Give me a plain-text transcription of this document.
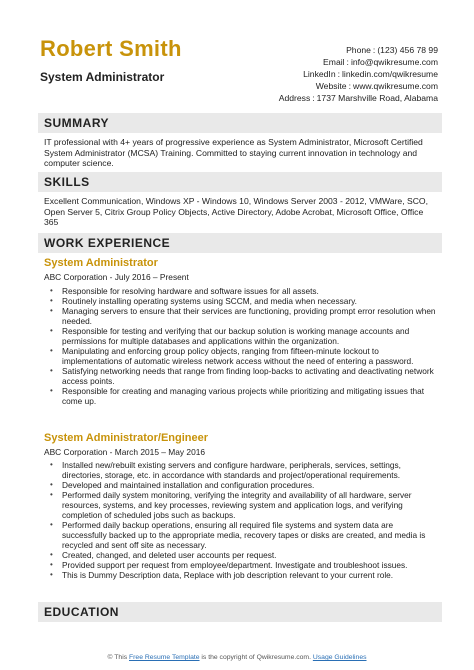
Robert Smith
System Administrator
Phone : (123) 456 78 99
Email : info@qwikresume.com
LinkedIn : linkedin.com/qwikresume
Website : www.qwikresume.com
Address : 1737 Marshville Road, Alabama
SUMMARY
IT professional with 4+ years of progressive experience as System Administrator, Microsoft Certified System Administrator (MCSA) Training. Committed to staying current innovation in technology and computer science.
SKILLS
Excellent Communication, Windows XP - Windows 10, Windows Server 2003 - 2012, VMWare, SCO, Open Server 5, Citrix Group Policy Objects, Active Directory, Adobe Acrobat, Microsoft Office, Office 365
WORK EXPERIENCE
System Administrator
ABC Corporation - July 2016 – Present
• Responsible for resolving hardware and software issues for all assets.
• Routinely installing operating systems using SCCM, and media when necessary.
• Managing servers to ensure that their services are functioning, providing prompt error resolution when needed.
• Responsible for testing and verifying that our backup solution is working manage accounts and permissions for multiple databases and applications within the organization.
• Manipulating and enforcing group policy objects, ranging from fifteen-minute lockout to implementations of automatic wireless network access without the need of entering a password.
• Satisfying networking needs that range from finding loop-backs to activating and deactivating network access points.
• Responsible for creating and managing various projects while prioritizing and mitigating issues that come up.
System Administrator/Engineer
ABC Corporation - March 2015 – May 2016
• Installed new/rebuilt existing servers and configure hardware, peripherals, services, settings, directories, storage, etc. in accordance with standards and project/operational requirements.
• Developed and maintained installation and configuration procedures.
• Performed daily system monitoring, verifying the integrity and availability of all hardware, server resources, systems, and key processes, reviewing system and application logs, and verifying completion of scheduled jobs such as backups.
• Performed daily backup operations, ensuring all required file systems and system data are successfully backed up to the appropriate media, recovery tapes or disks are created, and media is recycled and sent off site as necessary.
• Created, changed, and deleted user accounts per request.
• Provided support per request from employee/department. Investigate and troubleshoot issues.
• This is Dummy Description data, Replace with job description relevant to your current role.
EDUCATION
© This Free Resume Template is the copyright of Qwikresume.com. Usage Guidelines
